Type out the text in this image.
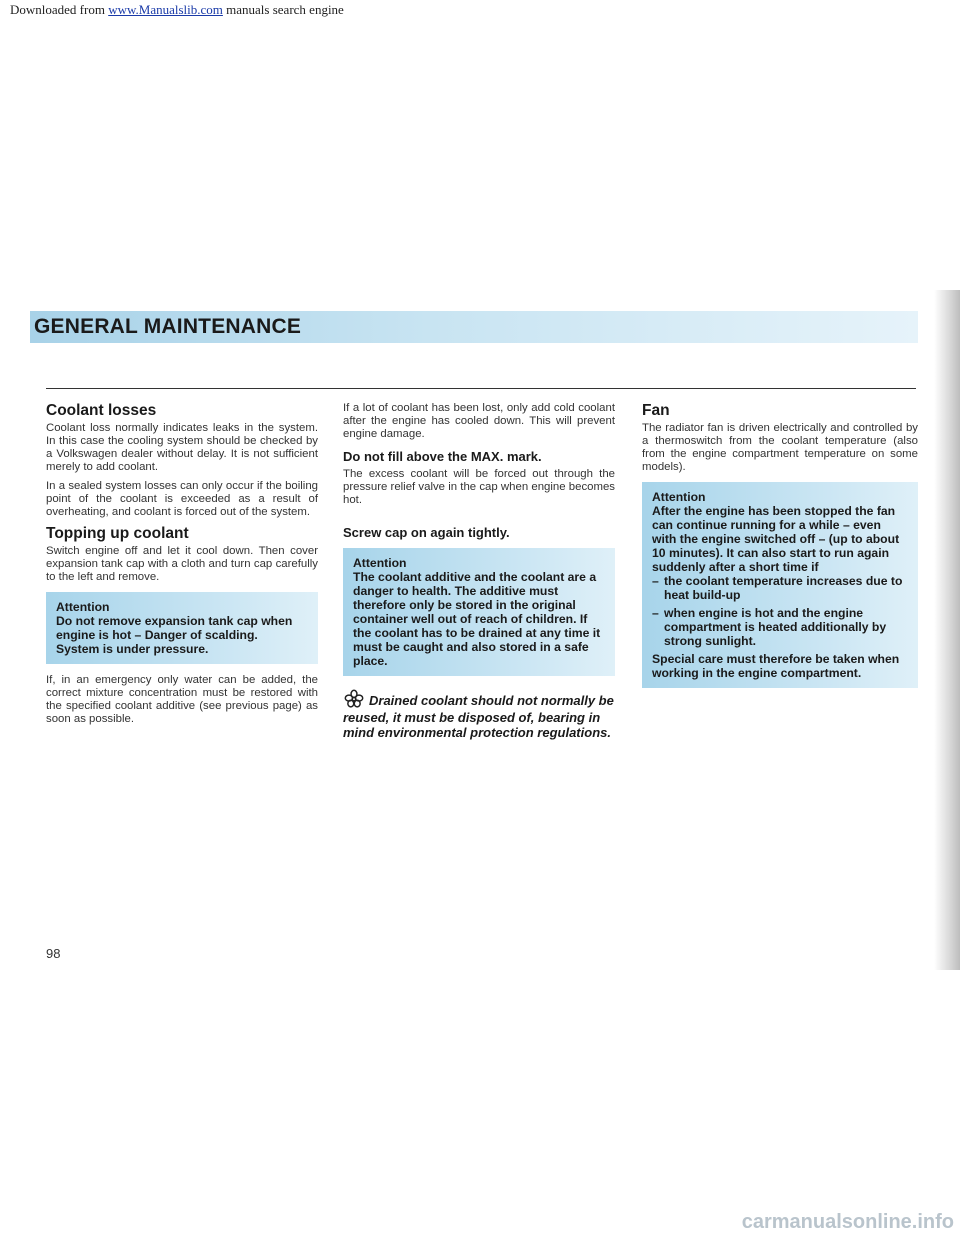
Downloaded from www.Manualslib.com manuals search engine
GENERAL MAINTENANCE
Coolant losses

Coolant loss normally indicates leaks in the system. In this case the cooling system should be checked by a Volkswagen dealer without delay. It is not sufficient merely to add coolant.

In a sealed system losses can only occur if the boiling point of the coolant is exceeded as a result of overheating, and coolant is forced out of the system.

Topping up coolant

Switch engine off and let it cool down. Then cover expansion tank cap with a cloth and turn cap carefully to the left and remove.

Attention
Do not remove expansion tank cap when engine is hot – Danger of scalding.
System is under pressure.

If, in an emergency only water can be added, the correct mixture concentration must be restored with the specified coolant additive (see previous page) as soon as possible.

If a lot of coolant has been lost, only add cold coolant after the engine has cooled down. This will prevent engine damage.

Do not fill above the MAX. mark.

The excess coolant will be forced out through the pressure relief valve in the cap when engine becomes hot.

Screw cap on again tightly.
Attention
The coolant additive and the coolant are a danger to health. The additive must therefore only be stored in the original container well out of reach of children. If the coolant has to be drained at any time it must be caught and also stored in a safe place.
Drained coolant should not normally be reused, it must be disposed of, bearing in mind environmental protection regulations.
Fan

The radiator fan is driven electrically and controlled by a thermoswitch from the coolant temperature (also from the engine compartment temperature on some models).

Attention
After the engine has been stopped the fan can continue running for a while – even with the engine switched off – (up to about 10 minutes). It can also start to run again suddenly after a short time if
– the coolant temperature increases due to heat build-up
– when engine is hot and the engine compartment is heated additionally by strong sunlight.
Special care must therefore be taken when working in the engine compartment.
98
carmanualsonline.info
